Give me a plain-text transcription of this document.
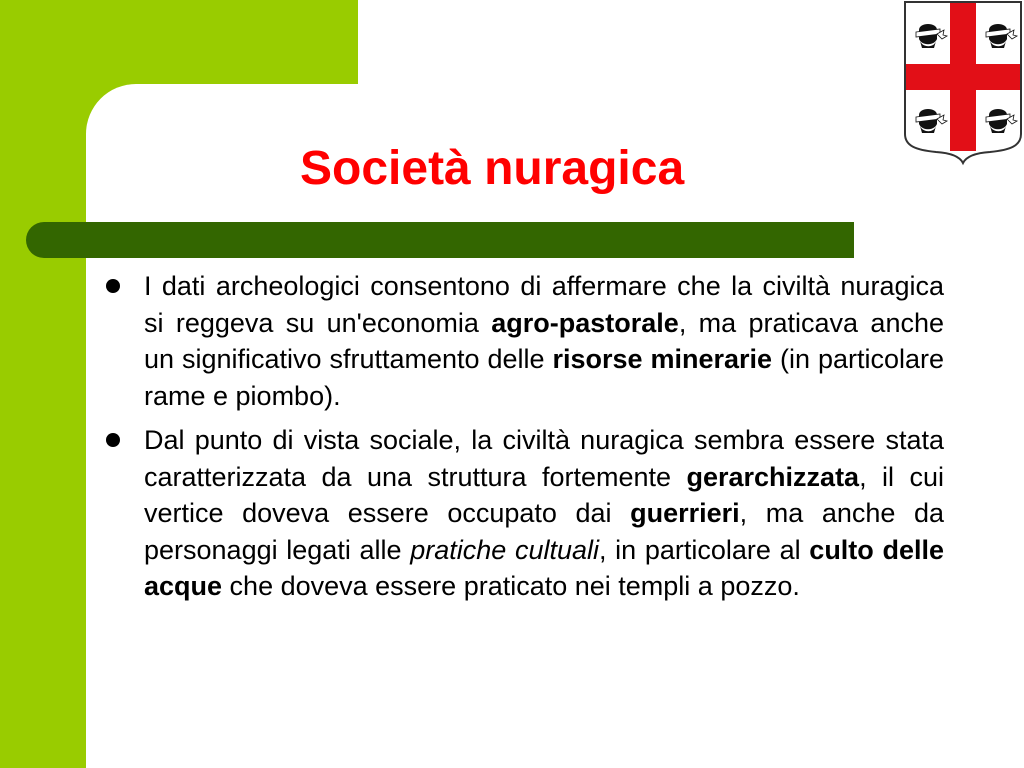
Società nuragica
I dati archeologici consentono di affermare che la civiltà nuragica si reggeva su un'economia agro-pastorale, ma praticava anche un significativo sfruttamento delle risorse minerarie (in particolare rame e piombo).
Dal punto di vista sociale, la civiltà nuragica sembra essere stata caratterizzata da una struttura fortemente gerarchizzata, il cui vertice doveva essere occupato dai guerrieri, ma anche da personaggi legati alle pratiche cultuali, in particolare al culto delle acque che doveva essere praticato nei templi a pozzo.
